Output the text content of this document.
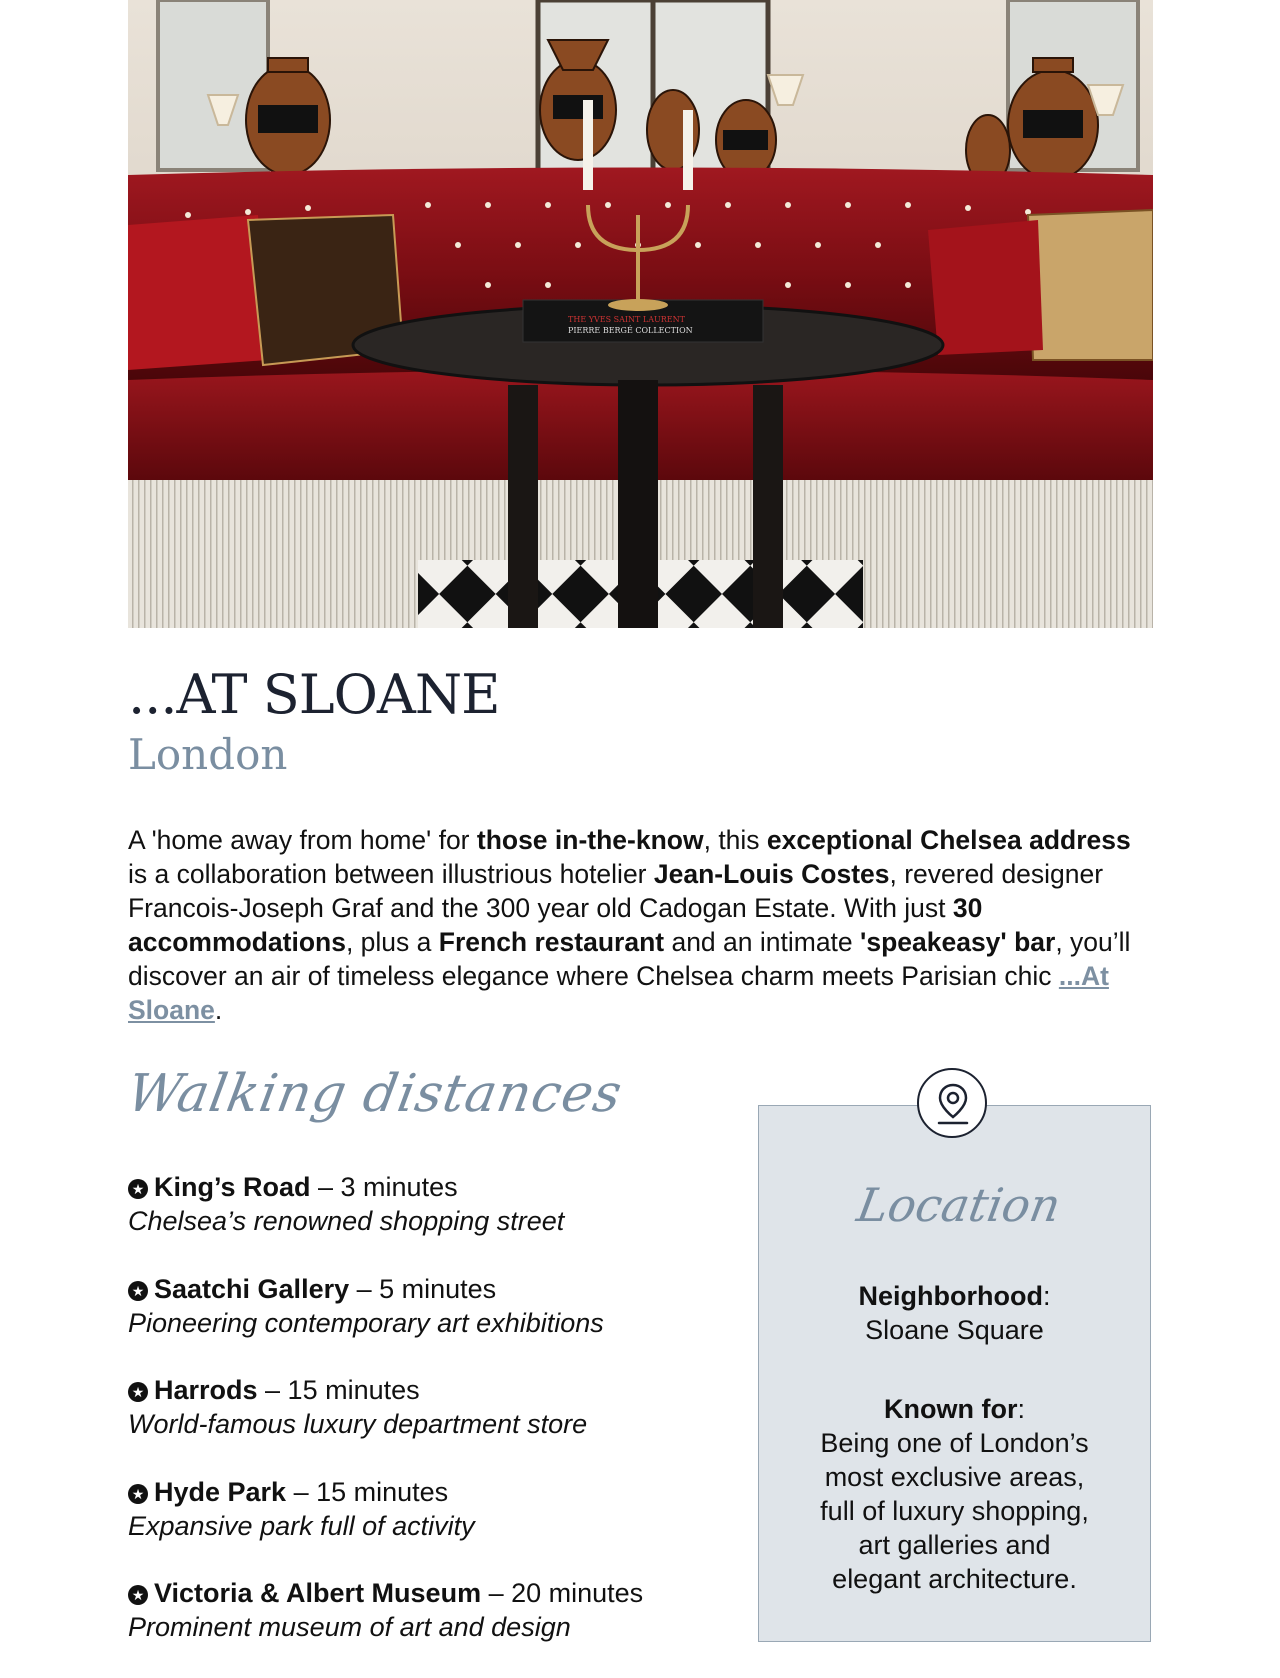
THE YVES SAINT LAURENT
PIERRE BERGÉ COLLECTION
...AT SLOANE
London

A 'home away from home' for those in-the-know, this exceptional Chelsea address is a collaboration between illustrious hotelier Jean-Louis Costes, revered designer Francois-Joseph Graf and the 300 year old Cadogan Estate. With just 30 accommodations, plus a French restaurant and an intimate 'speakeasy' bar, you’ll discover an air of timeless elegance where Chelsea charm meets Parisian chic ...At Sloane.

Walking distances
★ King’s Road – 3 minutes
Chelsea’s renowned shopping street
★ Saatchi Gallery – 5 minutes
Pioneering contemporary art exhibitions
★ Harrods – 15 minutes
World-famous luxury department store
★ Hyde Park – 15 minutes
Expansive park full of activity
★ Victoria & Albert Museum – 20 minutes
Prominent museum of art and design
Location
Neighborhood:
Sloane Square
Known for:
Being one of London’s
most exclusive areas,
full of luxury shopping,
art galleries and
elegant architecture.
